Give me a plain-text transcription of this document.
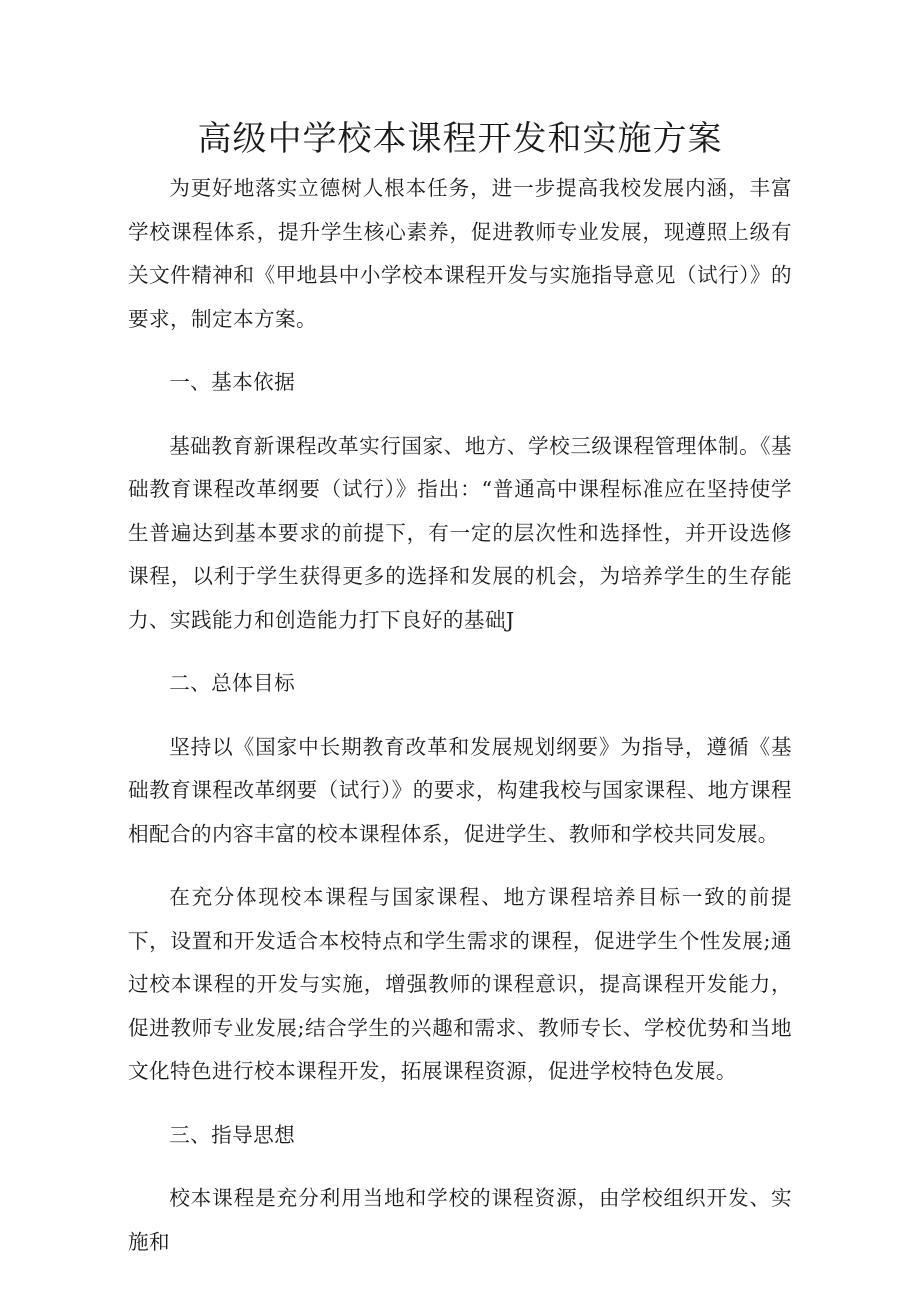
高级中学校本课程开发和实施方案

为更好地落实立德树人根本任务，进一步提高我校发展内涵，丰富学校课程体系，提升学生核心素养，促进教师专业发展，现遵照上级有关文件精神和《甲地县中小学校本课程开发与实施指导意见（试行）》的要求，制定本方案。

一、基本依据

基础教育新课程改革实行国家、地方、学校三级课程管理体制。《基础教育课程改革纲要（试行）》指出：“普通高中课程标准应在坚持使学生普遍达到基本要求的前提下，有一定的层次性和选择性，并开设选修课程，以利于学生获得更多的选择和发展的机会，为培养学生的生存能力、实践能力和创造能力打下良好的基础J

二、总体目标

坚持以《国家中长期教育改革和发展规划纲要》为指导，遵循《基础教育课程改革纲要（试行）》的要求，构建我校与国家课程、地方课程相配合的内容丰富的校本课程体系，促进学生、教师和学校共同发展。

在充分体现校本课程与国家课程、地方课程培养目标一致的前提下，设置和开发适合本校特点和学生需求的课程，促进学生个性发展;通过校本课程的开发与实施，增强教师的课程意识，提高课程开发能力，促进教师专业发展;结合学生的兴趣和需求、教师专长、学校优势和当地文化特色进行校本课程开发，拓展课程资源，促进学校特色发展。

三、指导思想

校本课程是充分利用当地和学校的课程资源，由学校组织开发、实施和
